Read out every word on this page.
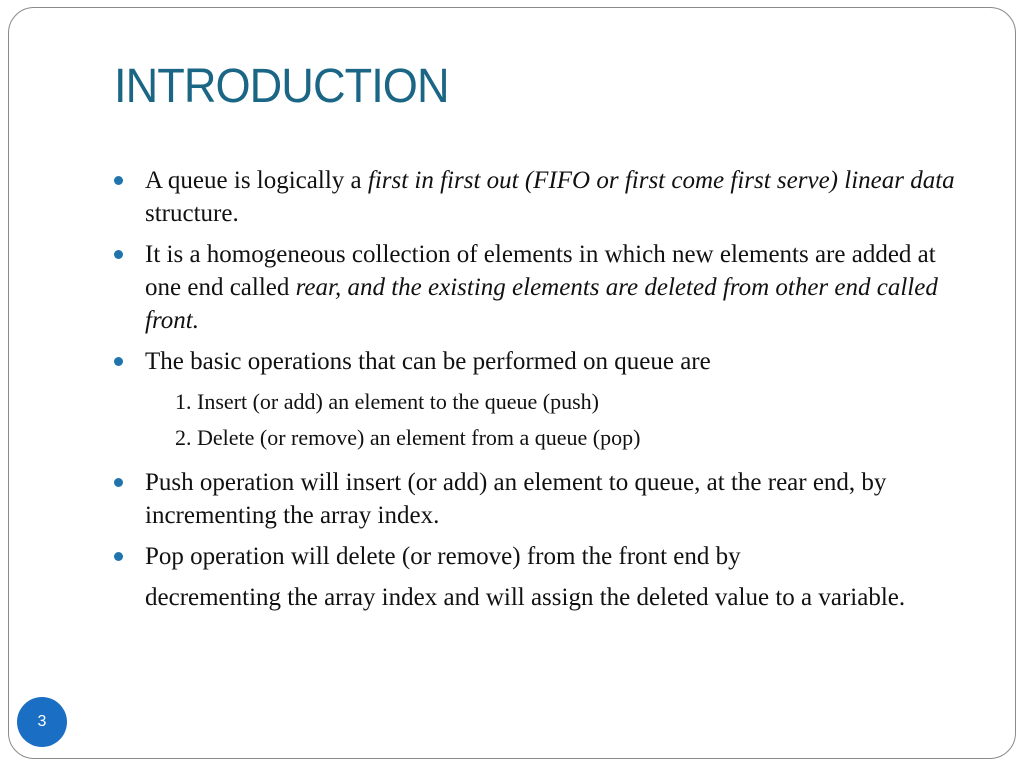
INTRODUCTION
A queue is logically a first in first out (FIFO or first come first serve) linear data structure.
It is a homogeneous collection of elements in which new elements are added at one end called rear, and the existing elements are deleted from other end called front.
The basic operations that can be performed on queue are

1. Insert (or add) an element to the queue (push)

2. Delete (or remove) an element from a queue (pop)

Push operation will insert (or add) an element to queue, at the rear end, by incrementing the array index.
Pop operation will delete (or remove) from the front end by
decrementing the array index and will assign the deleted value to a variable.
3
